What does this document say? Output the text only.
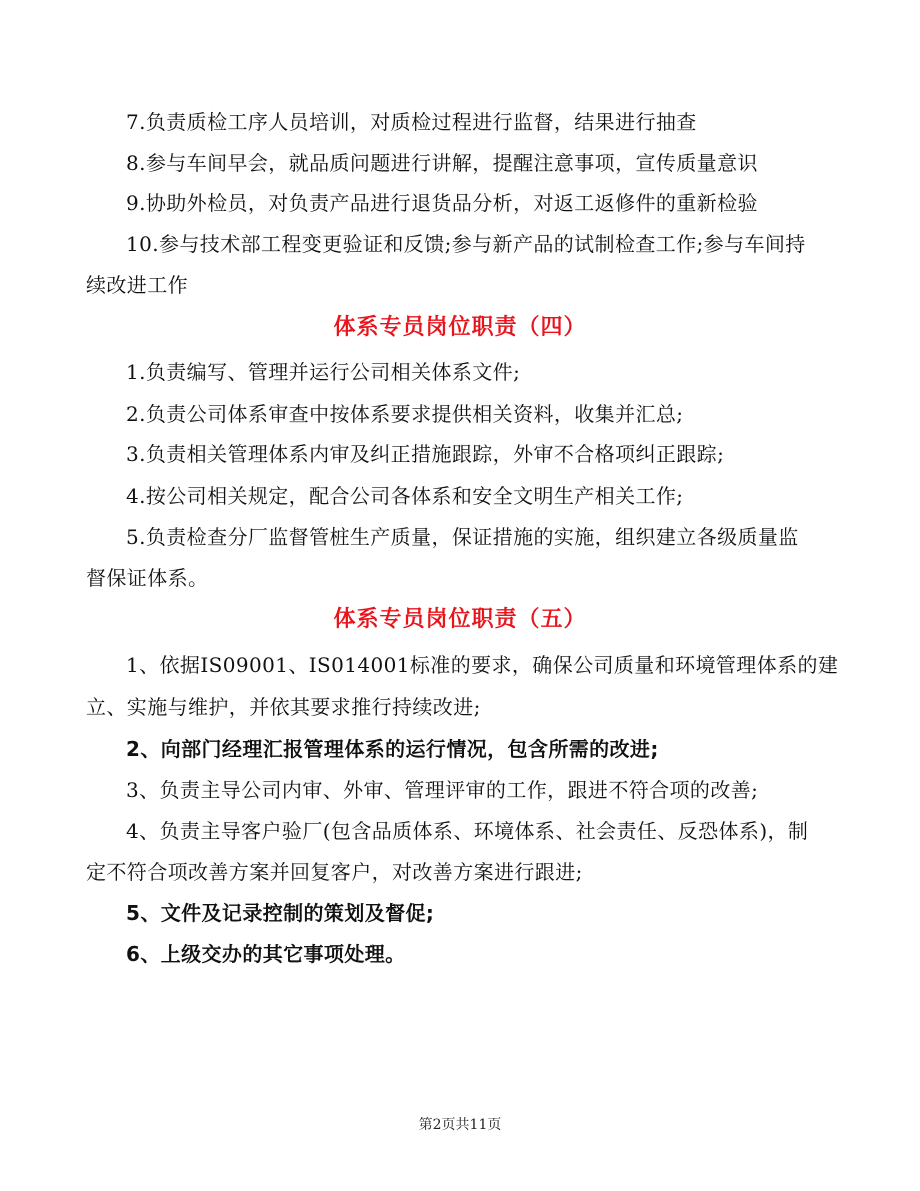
7.负责质检工序人员培训，对质检过程进行监督，结果进行抽查
8.参与车间早会，就品质问题进行讲解，提醒注意事项，宣传质量意识
9.协助外检员，对负责产品进行退货品分析，对返工返修件的重新检验
10.参与技术部工程变更验证和反馈;参与新产品的试制检查工作;参与车间持
续改进工作
体系专员岗位职责（四）
1.负责编写、管理并运行公司相关体系文件;
2.负责公司体系审查中按体系要求提供相关资料，收集并汇总;
3.负责相关管理体系内审及纠正措施跟踪，外审不合格项纠正跟踪;
4.按公司相关规定，配合公司各体系和安全文明生产相关工作;
5.负责检查分厂监督管桩生产质量，保证措施的实施，组织建立各级质量监
督保证体系。
体系专员岗位职责（五）
1、依据IS09001、IS014001标准的要求，确保公司质量和环境管理体系的建
立、实施与维护，并依其要求推行持续改进;
2、向部门经理汇报管理体系的运行情况，包含所需的改进;
3、负责主导公司内审、外审、管理评审的工作，跟进不符合项的改善;
4、负责主导客户验厂(包含品质体系、环境体系、社会责任、反恐体系)，制
定不符合项改善方案并回复客户，对改善方案进行跟进;
5、文件及记录控制的策划及督促;
6、上级交办的其它事项处理。
第2页共11页
